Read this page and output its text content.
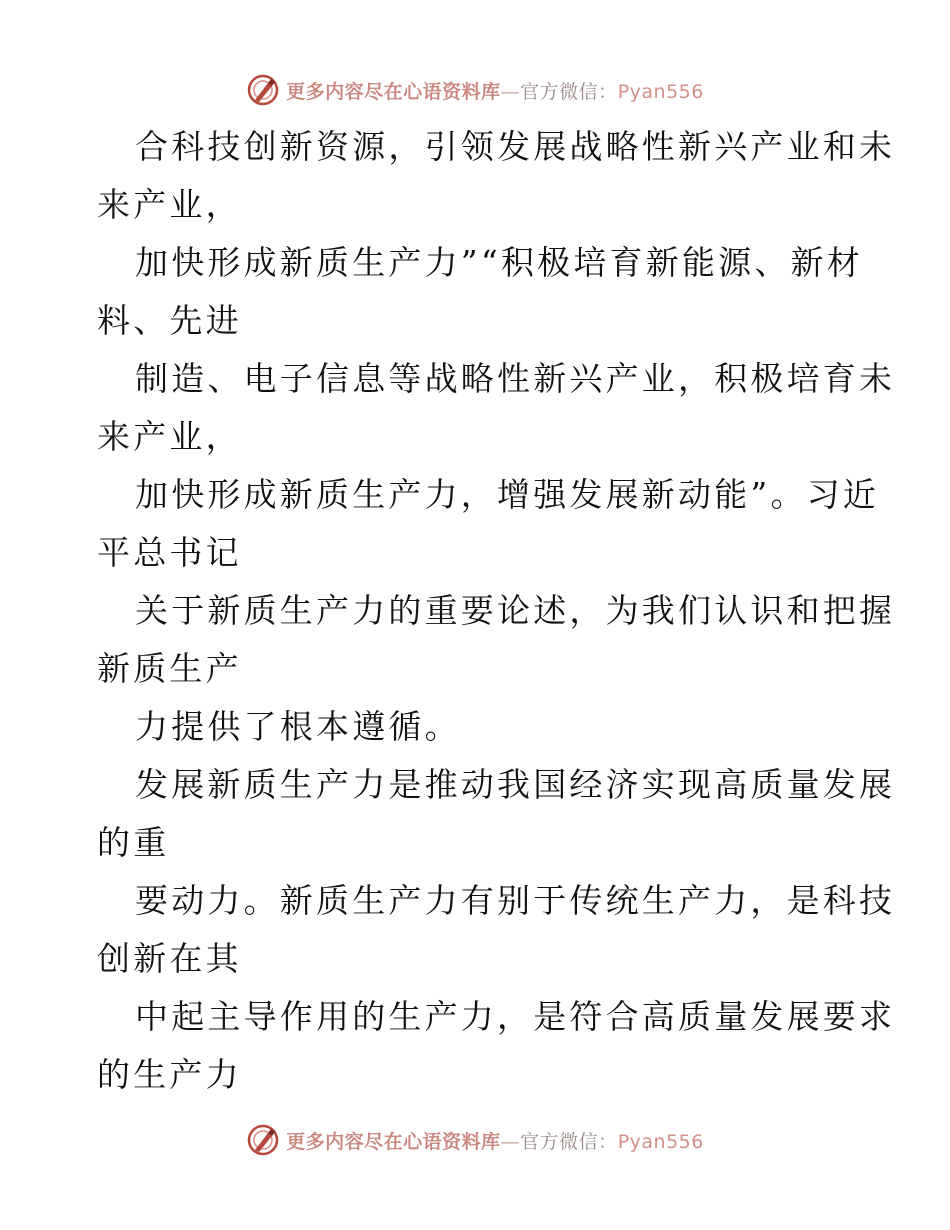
更多内容尽在心语资料库—官方微信：Pyan556
合科技创新资源，引领发展战略性新兴产业和未
来产业，
加快形成新质生产力”“积极培育新能源、新材
料、先进
制造、电子信息等战略性新兴产业，积极培育未
来产业，
加快形成新质生产力，增强发展新动能”。习近
平总书记
关于新质生产力的重要论述，为我们认识和把握
新质生产
力提供了根本遵循。
发展新质生产力是推动我国经济实现高质量发展
的重
要动力。新质生产力有别于传统生产力，是科技
创新在其
中起主导作用的生产力，是符合高质量发展要求
的生产力
更多内容尽在心语资料库—官方微信：Pyan556
